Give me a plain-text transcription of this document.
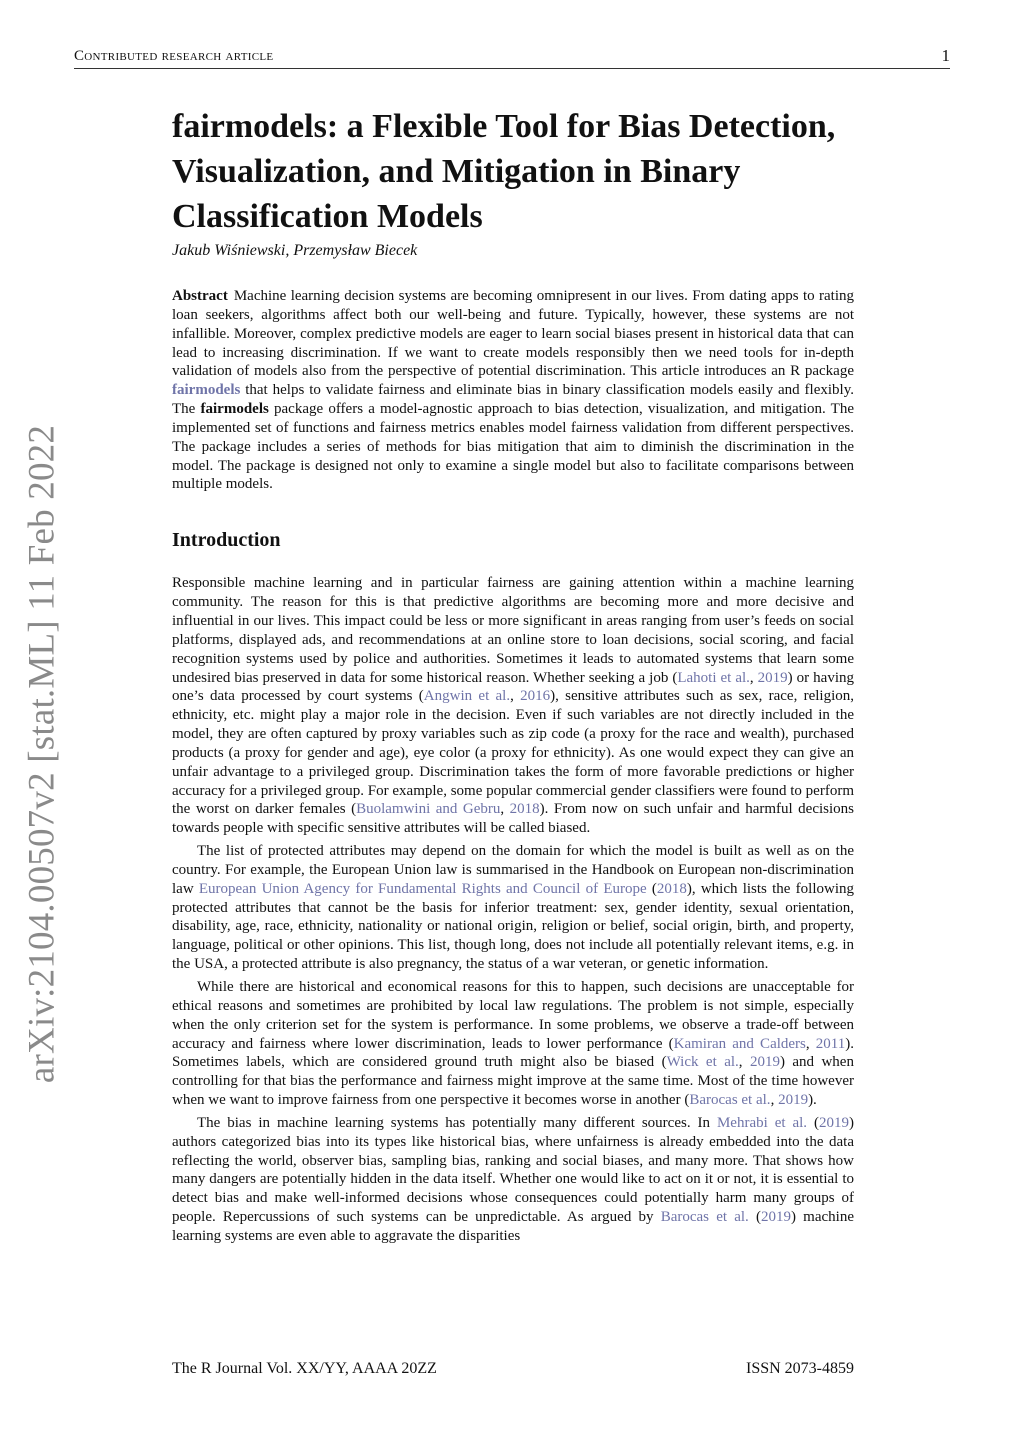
Contributed research article	1
arXiv:2104.00507v2 [stat.ML] 11 Feb 2022
fairmodels: a Flexible Tool for Bias Detection, Visualization, and Mitigation in Binary Classification Models
Jakub Wiśniewski, Przemysław Biecek
Abstract Machine learning decision systems are becoming omnipresent in our lives. From dating apps to rating loan seekers, algorithms affect both our well-being and future. Typically, however, these systems are not infallible. Moreover, complex predictive models are eager to learn social biases present in historical data that can lead to increasing discrimination. If we want to create models responsibly then we need tools for in-depth validation of models also from the perspective of potential discrimination. This article introduces an R package fairmodels that helps to validate fairness and eliminate bias in binary classification models easily and flexibly. The fairmodels package offers a model-agnostic approach to bias detection, visualization, and mitigation. The implemented set of functions and fairness metrics enables model fairness validation from different perspectives. The package includes a series of methods for bias mitigation that aim to diminish the discrimination in the model. The package is designed not only to examine a single model but also to facilitate comparisons between multiple models.
Introduction

Responsible machine learning and in particular fairness are gaining attention within a machine learning community. The reason for this is that predictive algorithms are becoming more and more decisive and influential in our lives. This impact could be less or more significant in areas ranging from user’s feeds on social platforms, displayed ads, and recommendations at an online store to loan decisions, social scoring, and facial recognition systems used by police and authorities. Sometimes it leads to automated systems that learn some undesired bias preserved in data for some historical reason. Whether seeking a job (Lahoti et al., 2019) or having one’s data processed by court systems (Angwin et al., 2016), sensitive attributes such as sex, race, religion, ethnicity, etc. might play a major role in the decision. Even if such variables are not directly included in the model, they are often captured by proxy variables such as zip code (a proxy for the race and wealth), purchased products (a proxy for gender and age), eye color (a proxy for ethnicity). As one would expect they can give an unfair advantage to a privileged group. Discrimination takes the form of more favorable predictions or higher accuracy for a privileged group. For example, some popular commercial gender classifiers were found to perform the worst on darker females (Buolamwini and Gebru, 2018). From now on such unfair and harmful decisions towards people with specific sensitive attributes will be called biased.

The list of protected attributes may depend on the domain for which the model is built as well as on the country. For example, the European Union law is summarised in the Handbook on European non-discrimination law European Union Agency for Fundamental Rights and Council of Europe (2018), which lists the following protected attributes that cannot be the basis for inferior treatment: sex, gender identity, sexual orientation, disability, age, race, ethnicity, nationality or national origin, religion or belief, social origin, birth, and property, language, political or other opinions. This list, though long, does not include all potentially relevant items, e.g. in the USA, a protected attribute is also pregnancy, the status of a war veteran, or genetic information.

While there are historical and economical reasons for this to happen, such decisions are unacceptable for ethical reasons and sometimes are prohibited by local law regulations. The problem is not simple, especially when the only criterion set for the system is performance. In some problems, we observe a trade-off between accuracy and fairness where lower discrimination, leads to lower performance (Kamiran and Calders, 2011). Sometimes labels, which are considered ground truth might also be biased (Wick et al., 2019) and when controlling for that bias the performance and fairness might improve at the same time. Most of the time however when we want to improve fairness from one perspective it becomes worse in another (Barocas et al., 2019).

The bias in machine learning systems has potentially many different sources. In Mehrabi et al. (2019) authors categorized bias into its types like historical bias, where unfairness is already embedded into the data reflecting the world, observer bias, sampling bias, ranking and social biases, and many more. That shows how many dangers are potentially hidden in the data itself. Whether one would like to act on it or not, it is essential to detect bias and make well-informed decisions whose consequences could potentially harm many groups of people. Repercussions of such systems can be unpredictable. As argued by Barocas et al. (2019) machine learning systems are even able to aggravate the disparities

The R Journal Vol. XX/YY, AAAA 20ZZ	ISSN 2073-4859
